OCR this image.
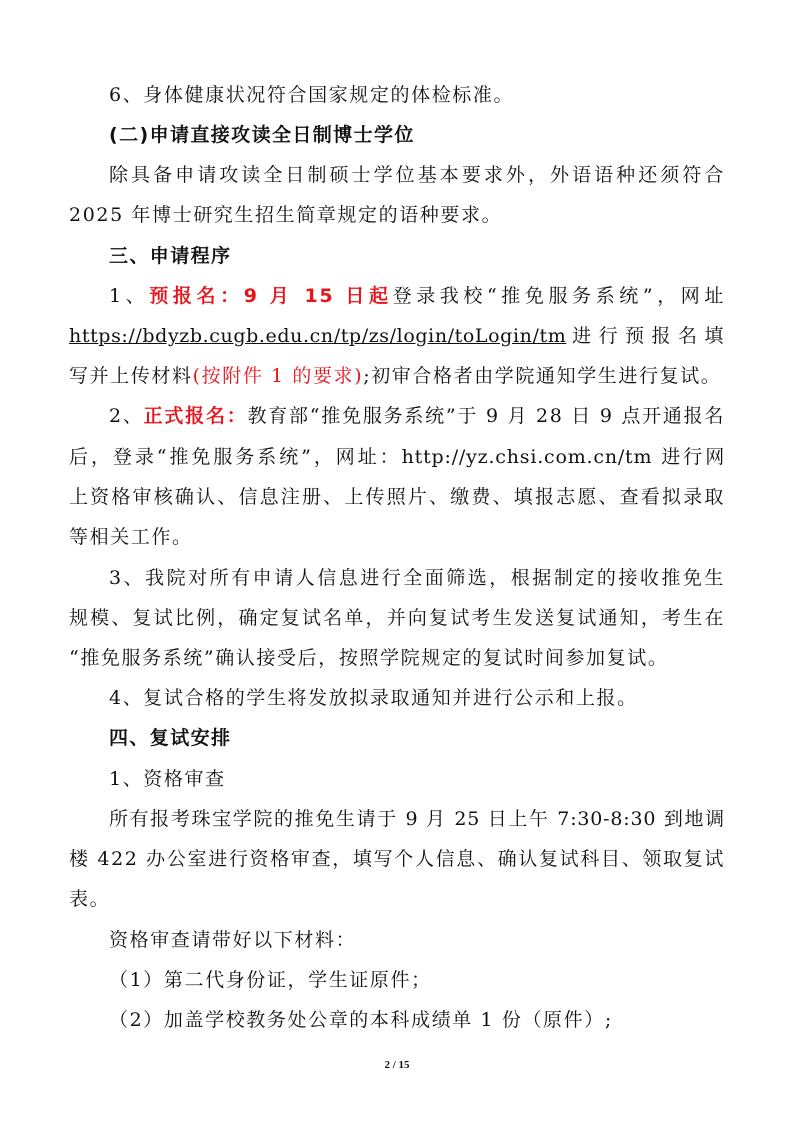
6、身体健康状况符合国家规定的体检标准。
(二)申请直接攻读全日制博士学位
除具备申请攻读全日制硕士学位基本要求外，外语语种还须符合
2025 年博士研究生招生简章规定的语种要求。
三、申请程序
1、预报名：9 月 15 日起登录我校“推免服务系统”，网址
https://bdyzb.cugb.edu.cn/tp/zs/login/toLogin/tm进行预报名填
写并上传材料(按附件 1 的要求);初审合格者由学院通知学生进行复试。
2、正式报名：教育部“推免服务系统”于 9 月 28 日 9 点开通报名
后，登录“推免服务系统”，网址：http://yz.chsi.com.cn/tm 进行网
上资格审核确认、信息注册、上传照片、缴费、填报志愿、查看拟录取
等相关工作。
3、我院对所有申请人信息进行全面筛选，根据制定的接收推免生
规模、复试比例，确定复试名单，并向复试考生发送复试通知，考生在
“推免服务系统”确认接受后，按照学院规定的复试时间参加复试。
4、复试合格的学生将发放拟录取通知并进行公示和上报。
四、复试安排
1、资格审查
所有报考珠宝学院的推免生请于 9 月 25 日上午 7:30-8:30 到地调
楼 422 办公室进行资格审查，填写个人信息、确认复试科目、领取复试
表。
资格审查请带好以下材料：
（1）第二代身份证，学生证原件；
（2）加盖学校教务处公章的本科成绩单 1 份（原件）;
2 / 15
